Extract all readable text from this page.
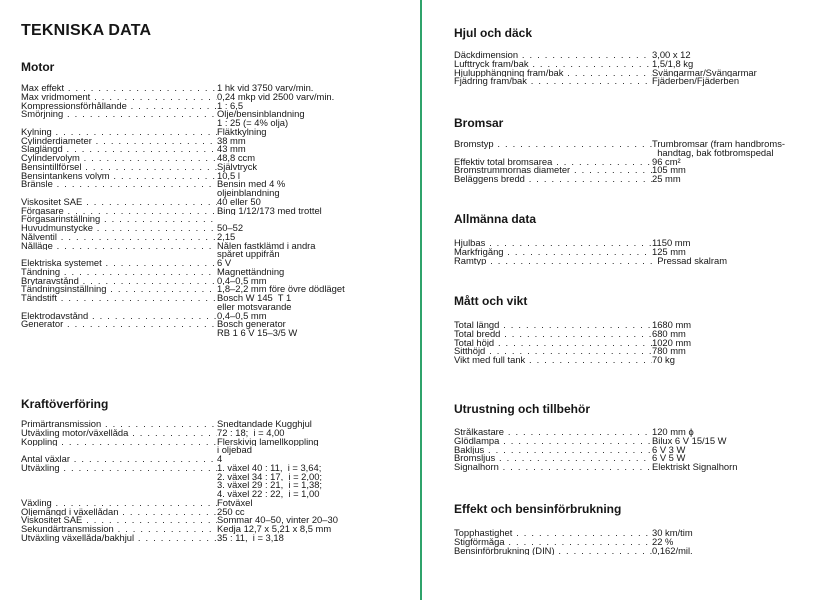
TEKNISKA DATA
Motor
Max effekt . . .	1 hk vid 3750 varv/min.
Max vridmoment . . .	0,24 mkp vid 2500 varv/min.
Kompressionsförhållande . . .	1 : 6,5
Smörjning . . .	Olje/bensinblandning
1 : 25 (= 4% olja)
Kylning . . .	Fläktkylning
Cylinderdiameter . . .	38 mm
Slaglängd . . .	43 mm
Cylindervolym . . .	48,8 ccm
Bensintillförsel . . .	Självtryck
Bensintankens volym . . .	10,5 l
Bränsle . . .	Bensin med 4 %
oljeinblandning
Viskositet SAE . . .	40 eller 50
Förgasare . . .	Bing 1/12/173 med trottel
Förgasarinställning . . .
Huvudmunstycke . . .	50–52
Nålventil . . .	2,15
Nålläge . . .	Nålen fastklämd i andra
spåret uppifrån
Elektriska systemet . . .	6 V
Tändning . . .	Magnettändning
Brytaravstånd . . .	0,4–0,5 mm
Tändningsinställning . . .	1,8–2,2 mm före övre dödläget
Tändstift . . .	Bosch W 145  T 1
eller motsvarande
Elektrodavstånd . . .	0,4–0,5 mm
Generator . . .	Bosch generator
RB 1 6 V 15–3/5 W
Kraftöverföring
Primärtransmission . . .	Snedtandade Kugghjul
Utväxling motor/växellåda . . .	72 : 18;  i = 4,00
Koppling . . .	Flerskivig lamellkoppling
i oljebad
Antal växlar . . .	4
Utväxling . . .	1. växel 40 : 11,  i = 3,64;
2. växel 34 : 17,  i = 2,00;
3. växel 29 : 21,  i = 1,38;
4. växel 22 : 22,  i = 1,00
Växling . . .	Fotväxel
Oljemängd i växellådan . . .	250 cc
Viskositet SAE . . .	Sommar 40–50, vinter 20–30
Sekundärtransmission . . .	Kedja 12,7 x 5,21 x 8,5 mm
Utväxling växellåda/bakhjul . . .	35 : 11,  i = 3,18
Hjul och däck
Däckdimension . . .	3,00 x 12
Lufttryck fram/bak . . .	1,5/1,8 kg
Hjulupphängning fram/bak . . .	Svängarmar/Svängarmar
Fjädring fram/bak . . .	Fjäderben/Fjäderben
Bromsar
Bromstyp . . .	Trumbromsar (fram handbroms-
handtag, bak fotbromspedal
Effektiv total bromsarea . . .	96 cm²
Bromstrummornas diameter . . .	105 mm
Beläggens bredd . . .	25 mm
Allmänna data
Hjulbas . . .	1150 mm
Markfrigång . . .	125 mm
Ramtyp . . .	Pressad skalram
Mått och vikt
Total längd . . .	1680 mm
Total bredd . . .	680 mm
Total höjd . . .	1020 mm
Sitthöjd . . .	780 mm
Vikt med full tank . . .	70 kg
Utrustning och tillbehör
Strålkastare . . .	120 mm ϕ
Glödlampa . . .	Bilux 6 V 15/15 W
Bakljus . . .	6 V 3 W
Bromsljus . . .	6 V 5 W
Signalhorn . . .	Elektriskt Signalhorn
Effekt och bensinförbrukning
Topphastighet . . .	30 km/tim
Stigförmåga . . .	22 %
Bensinförbrukning (DIN) . . .	0,162/mil.
